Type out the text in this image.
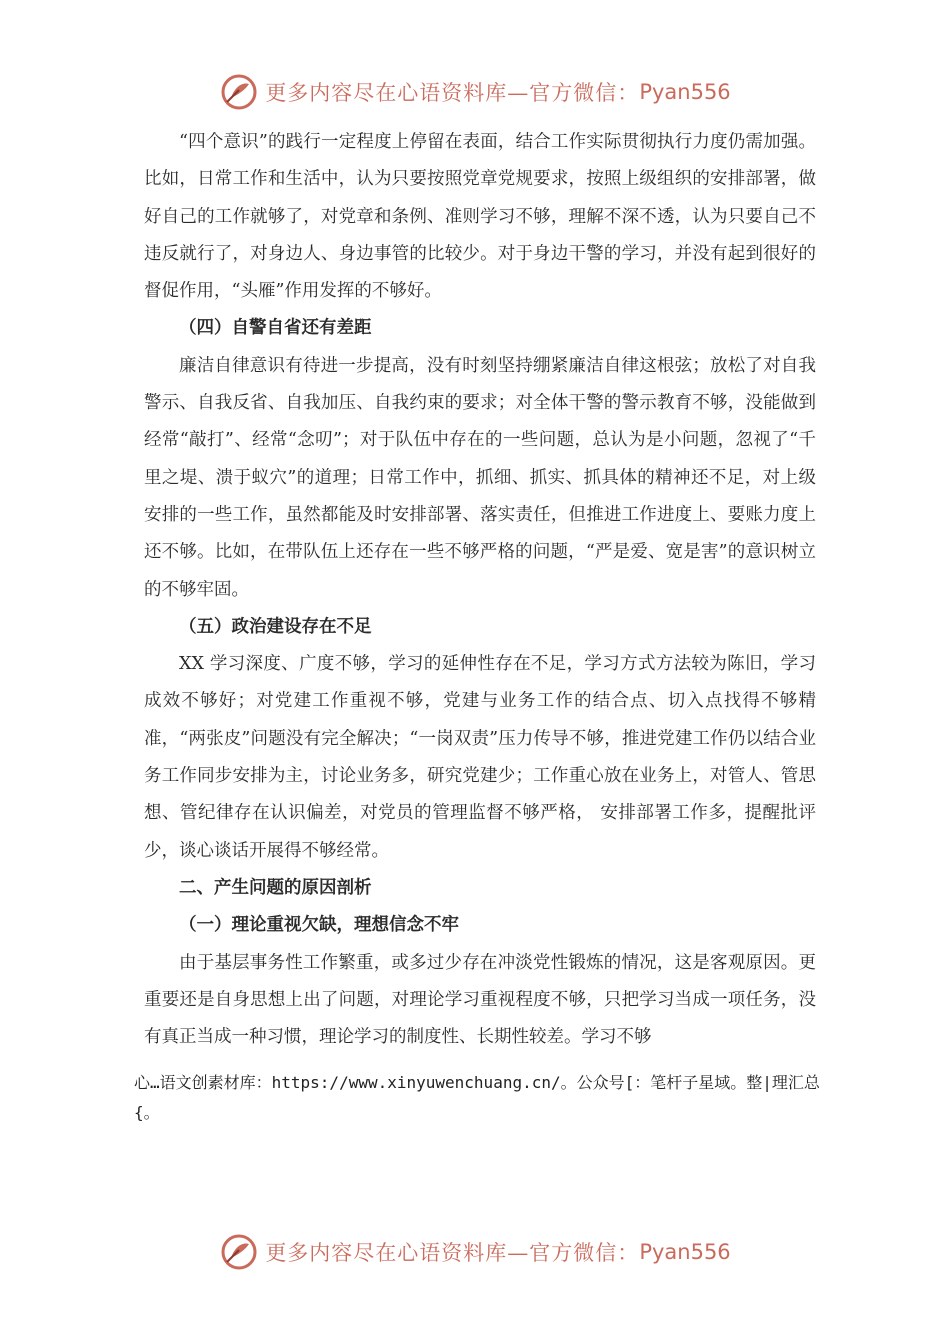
更多内容尽在心语资料库—官方微信： Pyan556

“四个意识”的践行一定程度上停留在表面，结合工作实际贯彻执行力度仍需加强。比如，日常工作和生活中，认为只要按照党章党规要求，按照上级组织的安排部署，做好自己的工作就够了，对党章和条例、准则学习不够，理解不深不透，认为只要自己不违反就行了，对身边人、身边事管的比较少。对于身边干警的学习，并没有起到很好的督促作用，“头雁”作用发挥的不够好。

（四）自警自省还有差距

廉洁自律意识有待进一步提高，没有时刻坚持绷紧廉洁自律这根弦；放松了对自我警示、自我反省、自我加压、自我约束的要求；对全体干警的警示教育不够，没能做到经常“敲打”、经常“念叨”；对于队伍中存在的一些问题，总认为是小问题，忽视了“千里之堤、溃于蚁穴”的道理；日常工作中，抓细、抓实、抓具体的精神还不足，对上级安排的一些工作，虽然都能及时安排部署、落实责任，但推进工作进度上、要账力度上还不够。比如，在带队伍上还存在一些不够严格的问题，“严是爱、宽是害”的意识树立的不够牢固。

（五）政治建设存在不足

XX 学习深度、广度不够，学习的延伸性存在不足，学习方式方法较为陈旧，学习成效不够好；对党建工作重视不够，党建与业务工作的结合点、切入点找得不够精准，“两张皮”问题没有完全解决；“一岗双责”压力传导不够，推进党建工作仍以结合业务工作同步安排为主，讨论业务多，研究党建少；工作重心放在业务上，对管人、管思想、管纪律存在认识偏差，对党员的管理监督不够严格， 安排部署工作多，提醒批评少，谈心谈话开展得不够经常。

二、产生问题的原因剖析

（一）理论重视欠缺，理想信念不牢

由于基层事务性工作繁重，或多过少存在冲淡党性锻炼的情况，这是客观原因。更重要还是自身思想上出了问题，对理论学习重视程度不够，只把学习当成一项任务，没有真正当成一种习惯，理论学习的制度性、长期性较差。学习不够

心…语文创素材库：https://www.xinyuwenchuang.cn/。公众号[：笔杆子星域。整|理汇总{。
更多内容尽在心语资料库—官方微信： Pyan556
